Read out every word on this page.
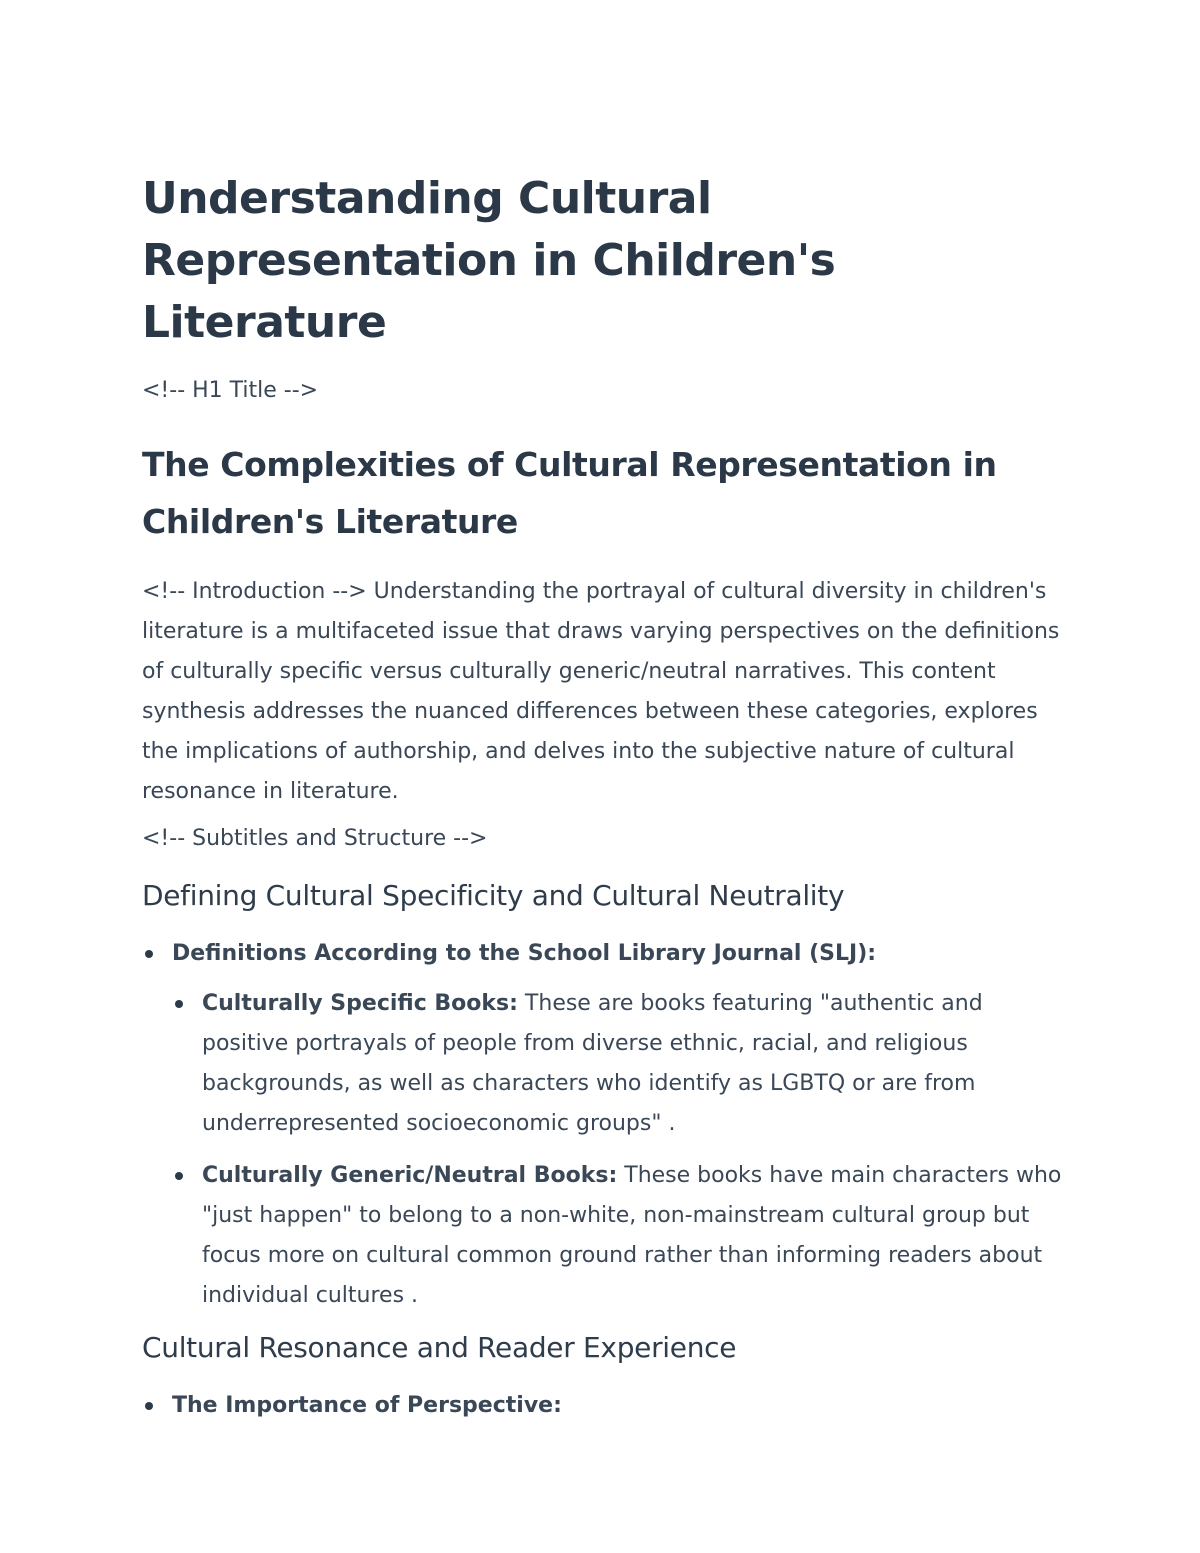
Understanding Cultural Representation in Children's Literature
<!-- H1 Title -->
The Complexities of Cultural Representation in Children's Literature

<!-- Introduction --> Understanding the portrayal of cultural diversity in children's literature is a multifaceted issue that draws varying perspectives on the definitions of culturally specific versus culturally generic/neutral narratives. This content synthesis addresses the nuanced differences between these categories, explores the implications of authorship, and delves into the subjective nature of cultural resonance in literature.

<!-- Subtitles and Structure -->
Defining Cultural Specificity and Cultural Neutrality
Definitions According to the School Library Journal (SLJ):
Culturally Specific Books: These are books featuring "authentic and positive portrayals of people from diverse ethnic, racial, and religious backgrounds, as well as characters who identify as LGBTQ or are from underrepresented socioeconomic groups" .
Culturally Generic/Neutral Books: These books have main characters who "just happen" to belong to a non-white, non-mainstream cultural group but focus more on cultural common ground rather than informing readers about individual cultures .
Cultural Resonance and Reader Experience
The Importance of Perspective:
